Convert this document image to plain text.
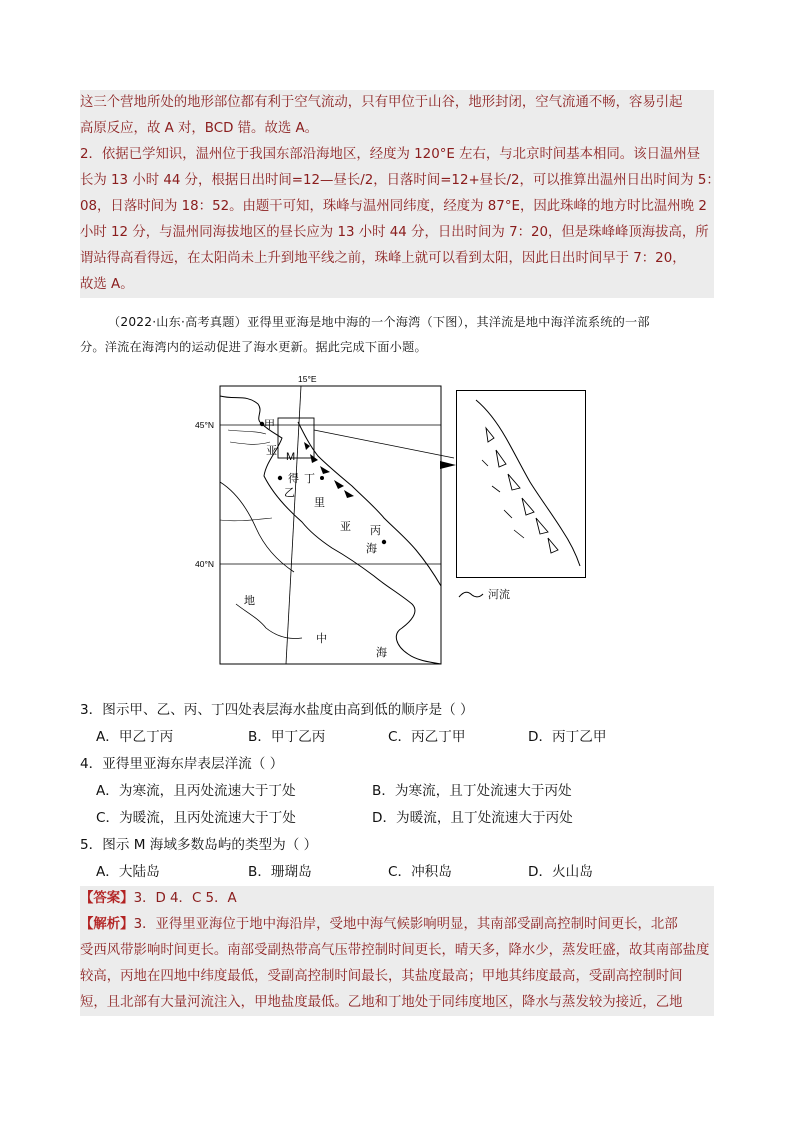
这三个营地所处的地形部位都有利于空气流动，只有甲位于山谷，地形封闭，空气流通不畅，容易引起
高原反应，故 A 对，BCD 错。故选 A。
2．依据已学知识，温州位于我国东部沿海地区，经度为 120°E 左右，与北京时间基本相同。该日温州昼
长为 13 小时 44 分，根据日出时间=12—昼长/2，日落时间=12+昼长/2，可以推算出温州日出时间为 5：
08，日落时间为 18：52。由题干可知，珠峰与温州同纬度，经度为 87°E，因此珠峰的地方时比温州晚 2
小时 12 分，与温州同海拔地区的昼长应为 13 小时 44 分，日出时间为 7：20，但是珠峰峰顶海拔高，所
谓站得高看得远，在太阳尚未上升到地平线之前，珠峰上就可以看到太阳，因此日出时间早于 7：20，
故选 A。
（2022·山东·高考真题）亚得里亚海是地中海的一个海湾（下图），其洋流是地中海洋流系统的一部
分。洋流在海湾内的运动促进了海水更新。据此完成下面小题。
15°E
45°N
40°N
甲
亚 M
得 丁
乙
里
亚 丙
海
地
中
海
河流
3．图示甲、乙、丙、丁四处表层海水盐度由高到低的顺序是（ ）
A．甲乙丁丙	B．甲丁乙丙	C．丙乙丁甲	D．丙丁乙甲
4．亚得里亚海东岸表层洋流（ ）
A．为寒流，且丙处流速大于丁处	B．为寒流，且丁处流速大于丙处
C．为暖流，且丙处流速大于丁处	D．为暖流，且丁处流速大于丙处
5．图示 M 海域多数岛屿的类型为（ ）
A．大陆岛	B．珊瑚岛	C．冲积岛	D．火山岛
【答案】3．D 4．C 5．A
【解析】3．亚得里亚海位于地中海沿岸，受地中海气候影响明显，其南部受副高控制时间更长，北部
受西风带影响时间更长。南部受副热带高气压带控制时间更长，晴天多，降水少，蒸发旺盛，故其南部盐度
较高，丙地在四地中纬度最低，受副高控制时间最长，其盐度最高；甲地其纬度最高，受副高控制时间
短，且北部有大量河流注入，甲地盐度最低。乙地和丁地处于同纬度地区，降水与蒸发较为接近，乙地
